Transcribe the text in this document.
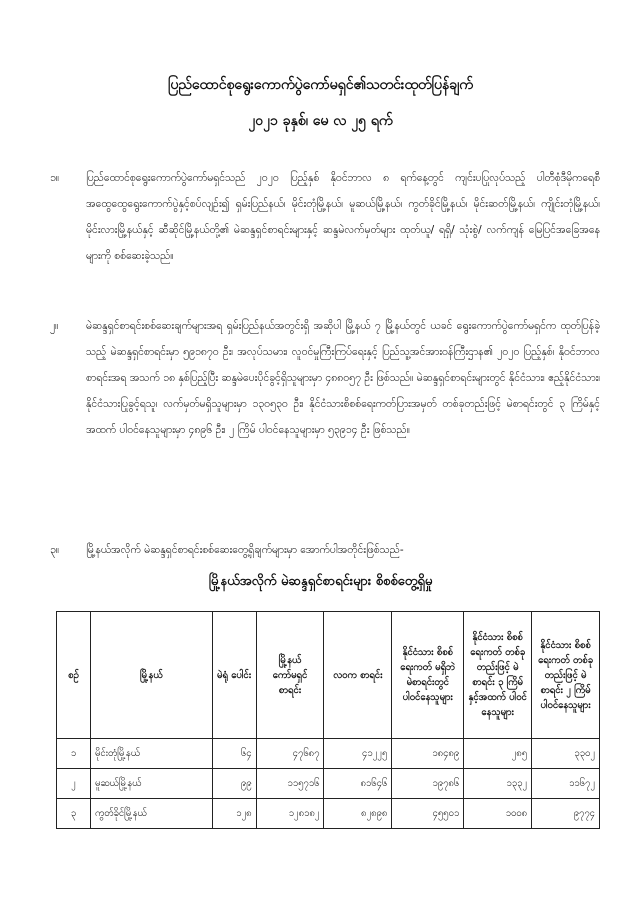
ပြည်ထောင်စုရွေးကောက်ပွဲကော်မရှင်၏သတင်းထုတ်ပြန်ချက်
၂၀၂၁ ခုနှစ်၊ မေ လ ၂၅ ရက်
၁။	ပြည်ထောင်စုရွေးကောက်ပွဲကော်မရှင်သည် ၂၀၂၀ ပြည့်နှစ် နိုဝင်ဘာလ ၈ ရက်နေ့တွင် ကျင်းပပြုလုပ်သည့် ပါတီစုံဒီမိုကရေစီအထွေထွေရွေးကောက်ပွဲနှင့်စပ်လျဉ်း၍ ရှမ်းပြည်နယ်၊ မိုင်းတုံမြို့နယ်၊ မူဆယ်မြို့နယ်၊ ကွတ်ခိုင်မြို့နယ်၊ မိုင်းဆတ်မြို့နယ်၊ ကျိုင်းတုံမြို့နယ်၊ မိုင်းလားမြို့နယ်နှင့် ဆီဆိုင်မြို့နယ်တို့၏ မဲဆန္ဒရှင်စာရင်းများနှင့် ဆန္ဒမဲလက်မှတ်များ ထုတ်ယူ/ ရရှိ/ သုံးစွဲ/ လက်ကျန် မြေပြင်အခြေအနေများကို စစ်ဆေးခဲ့သည်။
၂။	မဲဆန္ဒရှင်စာရင်းစစ်ဆေးချက်များအရ ရှမ်းပြည်နယ်အတွင်းရှိ အဆိုပါ မြို့နယ် ၇ မြို့နယ်တွင် ယခင် ရွေးကောက်ပွဲကော်မရှင်က ထုတ်ပြန်ခဲ့သည့် မဲဆန္ဒရှင်စာရင်းမှာ ၅၉၁၈၇၀ ဦး၊ အလုပ်သမား၊ လူဝင်မှုကြီးကြပ်ရေးနှင့် ပြည်သူ့အင်အားဝန်ကြီးဌာန၏ ၂၀၂၀ ပြည့်နှစ်၊ နိုဝင်ဘာလ စာရင်းအရ အသက် ၁၈ နှစ်ပြည့်ပြီး ဆန္ဒမဲပေးပိုင်ခွင့်ရှိသူများမှာ ၄၈၈၀၅၇ ဦး ဖြစ်သည်။ မဲဆန္ဒရှင်စာရင်းများတွင် နိုင်ငံသား၊ ဧည့်နိုင်ငံသား၊ နိုင်ငံသားပြုခွင့်ရသူ၊ လက်မှတ်မရှိသူများမှာ ၁၃၀၅၃၀ ဦး၊ နိုင်ငံသားစိစစ်ရေးကတ်ပြားအမှတ် တစ်ခုတည်းဖြင့် မဲစာရင်းတွင် ၃ ကြိမ်နှင့်အထက် ပါဝင်နေသူများမှာ ၄၈၉၆ ဦး၊ ၂ ကြိမ် ပါဝင်နေသူများမှာ ၅၃၉၁၄ ဦး ဖြစ်သည်။
၃။	မြို့နယ်အလိုက် မဲဆန္ဒရှင်စာရင်းစစ်ဆေးတွေ့ရှိချက်များမှာ အောက်ပါအတိုင်းဖြစ်သည်-
မြို့နယ်အလိုက် မဲဆန္ဒရှင်စာရင်းများ စိစစ်တွေ့ရှိမှု
စဉ်	မြို့နယ်	မဲရုံ ပေါင်း	မြို့နယ် ကော်မရှင် စာရင်း	လဝက စာရင်း	နိုင်ငံသား စိစစ်ရေးကတ် မရှိဘဲ မဲစာရင်းတွင် ပါဝင်နေသူများ	နိုင်ငံသား စိစစ်ရေးကတ် တစ်ခုတည်းဖြင့် မဲစာရင်း ၃ ကြိမ် နှင့်အထက် ပါဝင်နေသူများ	နိုင်ငံသား စိစစ်ရေးကတ် တစ်ခုတည်းဖြင့် မဲစာရင်း ၂ ကြိမ် ပါဝင်နေသူများ
၁	မိုင်းတုံမြို့နယ်	၆၄	၄၇၆၈၇	၄၁၂၂၅	၁၈၄၈၉	၂၈၅	၃၃၀၂
၂	မူဆယ်မြို့နယ်	၉၉	၁၁၅၇၁၆	၈၁၆၄၆	၁၉၇၈၆	၁၃၃၂	၁၁၆၇၂
၃	ကွတ်ခိုင်မြို့နယ်	၁၂၈	၁၂၈၁၈၂	၈၂၈၉၈	၄၅၅၀၁	၁၀၀၈	၉၇၇၄
